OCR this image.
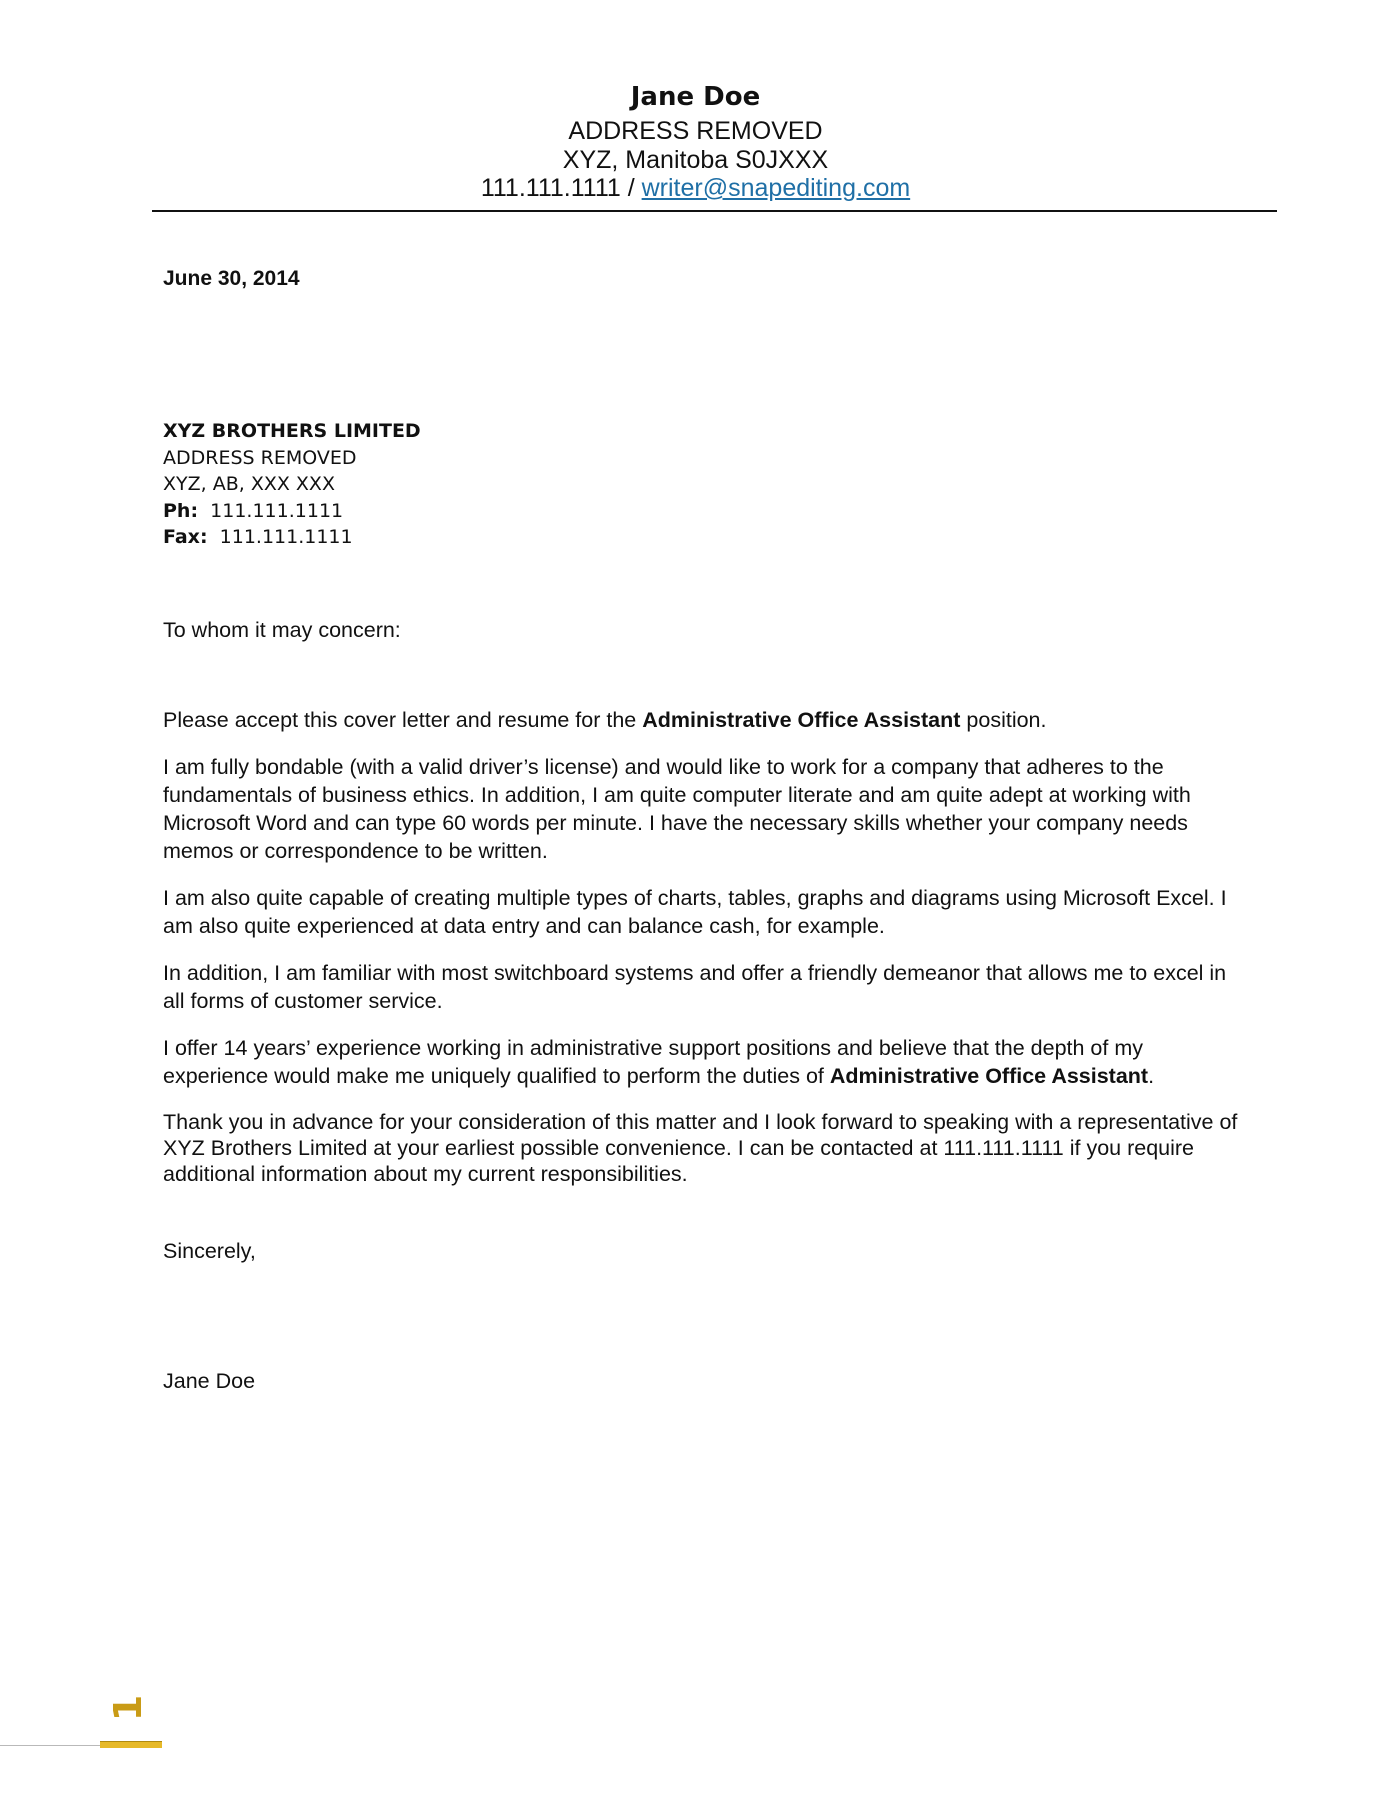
Jane Doe
ADDRESS REMOVED
XYZ, Manitoba S0JXXX
111.111.1111 / writer@snapediting.com
June 30, 2014
XYZ BROTHERS LIMITED
ADDRESS REMOVED
XYZ, AB, XXX XXX
Ph: 111.111.1111
Fax: 111.111.1111
To whom it may concern:

Please accept this cover letter and resume for the Administrative Office Assistant position.

I am fully bondable (with a valid driver’s license) and would like to work for a company that adheres to the fundamentals of business ethics. In addition, I am quite computer literate and am quite adept at working with Microsoft Word and can type 60 words per minute. I have the necessary skills whether your company needs memos or correspondence to be written.

I am also quite capable of creating multiple types of charts, tables, graphs and diagrams using Microsoft Excel. I am also quite experienced at data entry and can balance cash, for example.

In addition, I am familiar with most switchboard systems and offer a friendly demeanor that allows me to excel in all forms of customer service.

I offer 14 years’ experience working in administrative support positions and believe that the depth of my experience would make me uniquely qualified to perform the duties of Administrative Office Assistant.

Thank you in advance for your consideration of this matter and I look forward to speaking with a representative of XYZ Brothers Limited at your earliest possible convenience. I can be contacted at 111.111.1111 if you require additional information about my current responsibilities.

Sincerely,
Jane Doe
1
